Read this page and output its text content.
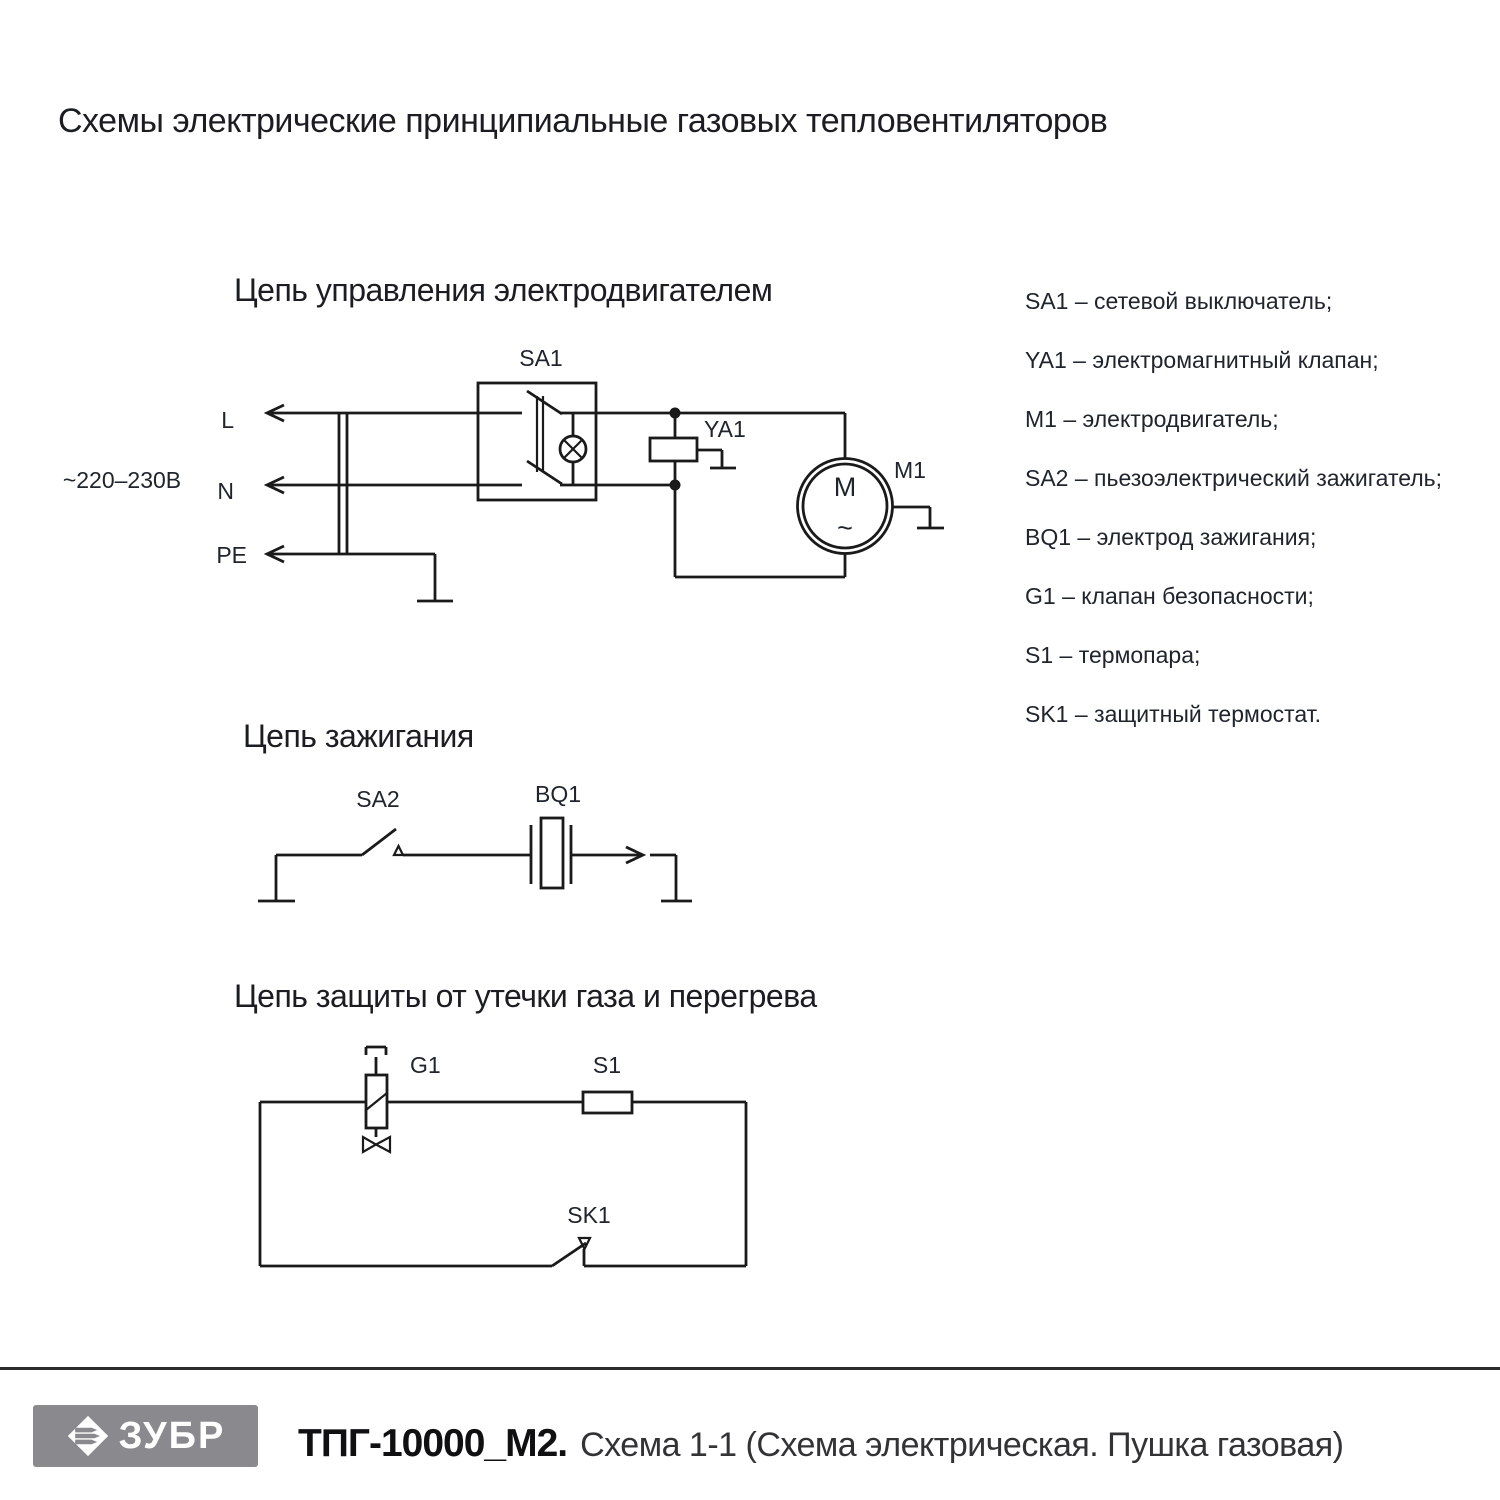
Схемы электрические принципиальные газовых тепловентиляторов
Цепь управления электродвигателем
L
N
PE
~220–230В
SA1
YA1
M1
M
~
SA1 – сетевой выключатель;
YA1 – электромагнитный клапан;
M1 – электродвигатель;
SA2 – пьезоэлектрический зажигатель;
BQ1 – электрод зажигания;
G1 – клапан безопасности;
S1 – термопара;
SK1 – защитный термостат.
Цепь зажигания
SA2	BQ1
Цепь защиты от утечки газа и перегрева
G1	S1
SK1
ЗУБР ТПГ-10000_М2. Схема 1-1 (Схема электрическая. Пушка газовая)
